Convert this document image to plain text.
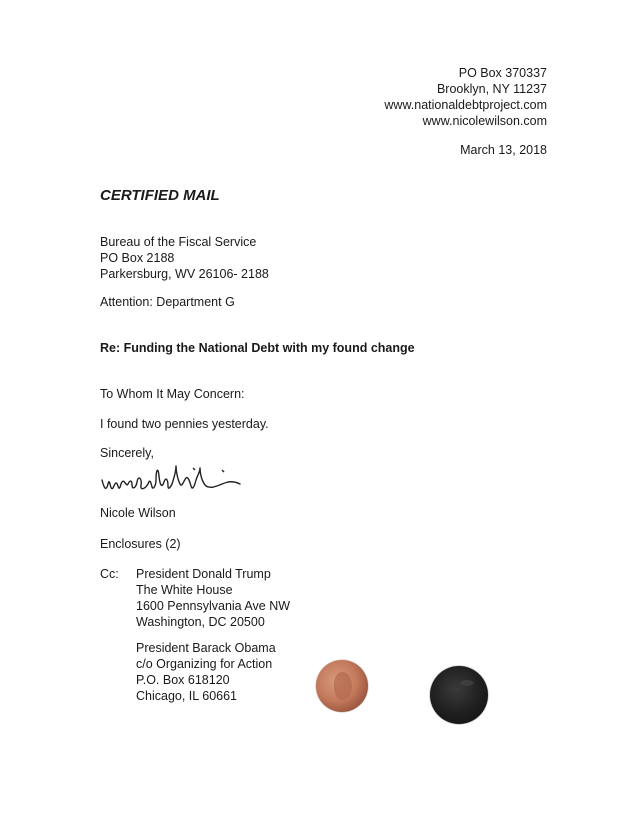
PO Box 370337
Brooklyn, NY 11237
www.nationaldebtproject.com
www.nicolewilson.com
March 13, 2018
CERTIFIED MAIL
Bureau of the Fiscal Service
PO Box 2188
Parkersburg, WV 26106- 2188
Attention: Department G
Re: Funding the National Debt with my found change
To Whom It May Concern:
I found two pennies yesterday.
Sincerely,
Nicole Wilson
Enclosures (2)
Cc: President Donald Trump
The White House
1600 Pennsylvania Ave NW
Washington, DC 20500
President Barack Obama
c/o Organizing for Action
P.O. Box 618120
Chicago, IL 60661
